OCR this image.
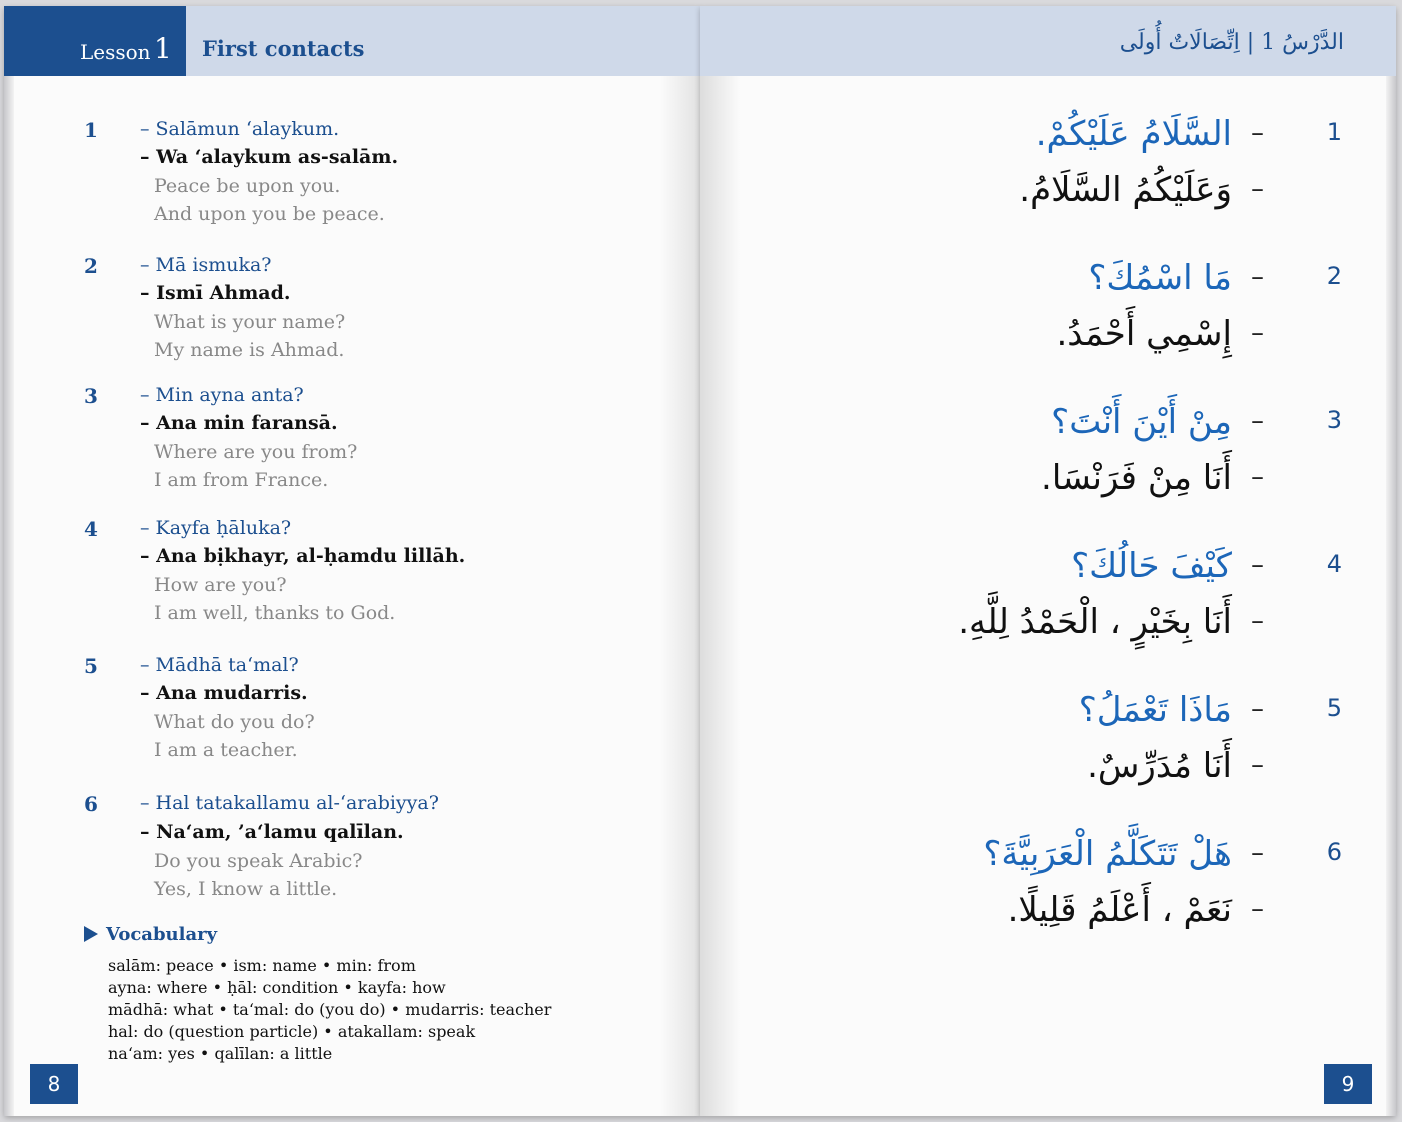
Lesson 1 First contacts
1 – Salāmun ‘alaykum.
– Wa ‘alaykum as-salām.
Peace be upon you.
And upon you be peace.
2 – Mā ismuka?
– Ismī Ahmad.
What is your name?
My name is Ahmad.
3 – Min ayna anta?
– Ana min faransā.
Where are you from?
I am from France.
4 – Kayfa ḥāluka?
– Ana bịkhayr, al-ḥamdu lillāh.
How are you?
I am well, thanks to God.
5 – Mādhā ta‘mal?
– Ana mudarris.
What do you do?
I am a teacher.
6 – Hal tatakallamu al-‘arabiyya?
– Na‘am, ’a‘lamu qalīlan.
Do you speak Arabic?
Yes, I know a little.
Vocabulary
salām: peace • ism: name • min: from
ayna: where • ḥāl: condition • kayfa: how
mādhā: what • ta‘mal: do (you do) • mudarris: teacher
hal: do (question particle) • atakallam: speak
na‘am: yes • qalīlan: a little
8
الدَّرْسُ 1 | اِتِّصَالَاتٌ أُولَى
1
–
السَّلَامُ عَلَيْكُمْ.
–
وَعَلَيْكُمُ السَّلَامُ.
2
–
مَا اسْمُكَ؟
–
إِسْمِي أَحْمَدُ.
3
–
مِنْ أَيْنَ أَنْتَ؟
–
أَنَا مِنْ فَرَنْسَا.
4
–
كَيْفَ حَالُكَ؟
–
أَنَا بِخَيْرٍ ، الْحَمْدُ لِلَّهِ.
5
–
مَاذَا تَعْمَلُ؟
–
أَنَا مُدَرِّسٌ.
6
–
هَلْ تَتَكَلَّمُ الْعَرَبِيَّةَ؟
–
نَعَمْ ، أَعْلَمُ قَلِيلًا.
9
